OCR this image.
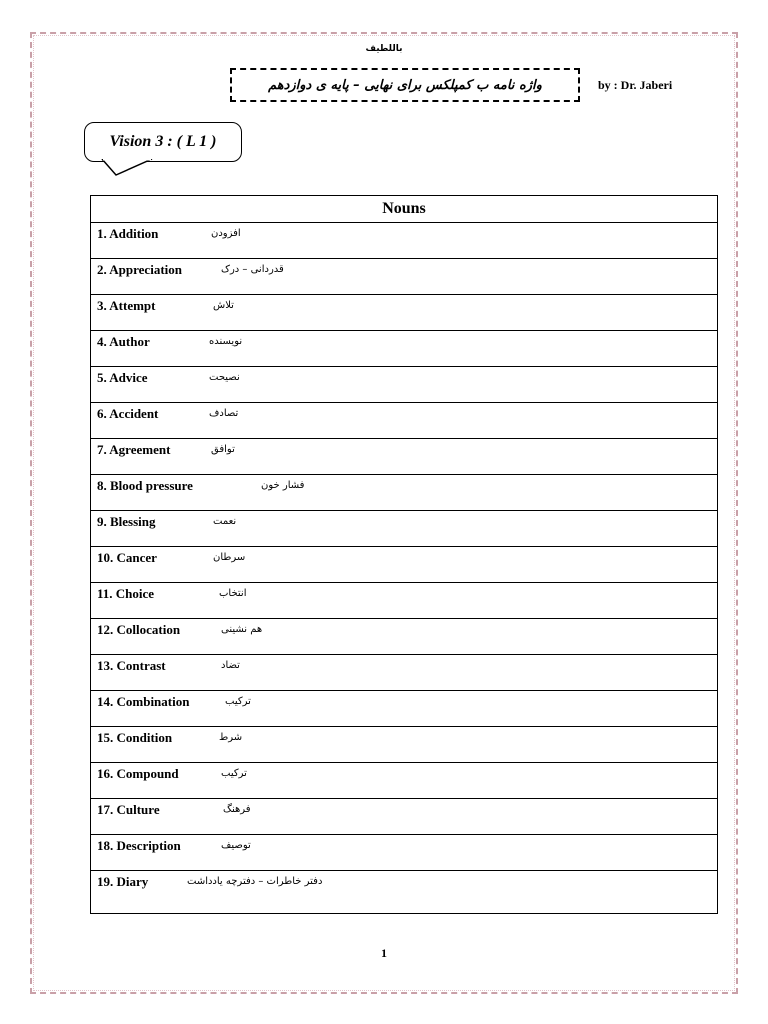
باللطیف
واژه نامه ب کمپلکس برای نهایی – پایه ی دوازدهم	by : Dr. Jaberi
Vision 3 : ( L 1 )
Nouns
1. Addition	افزودن

2. Appreciation	قدردانی – درک

3. Attempt	تلاش

4. Author	نویسنده

5. Advice	نصیحت

6. Accident	تصادف

7. Agreement	توافق

8. Blood pressure	فشار خون

9. Blessing	نعمت

10. Cancer	سرطان

11. Choice	انتخاب

12. Collocation	هم نشینی

13. Contrast	تضاد

14. Combination	ترکیب

15. Condition	شرط

16. Compound	ترکیب

17. Culture	فرهنگ

18. Description	توصیف

19. Diary	دفتر خاطرات – دفترچه یادداشت
1
